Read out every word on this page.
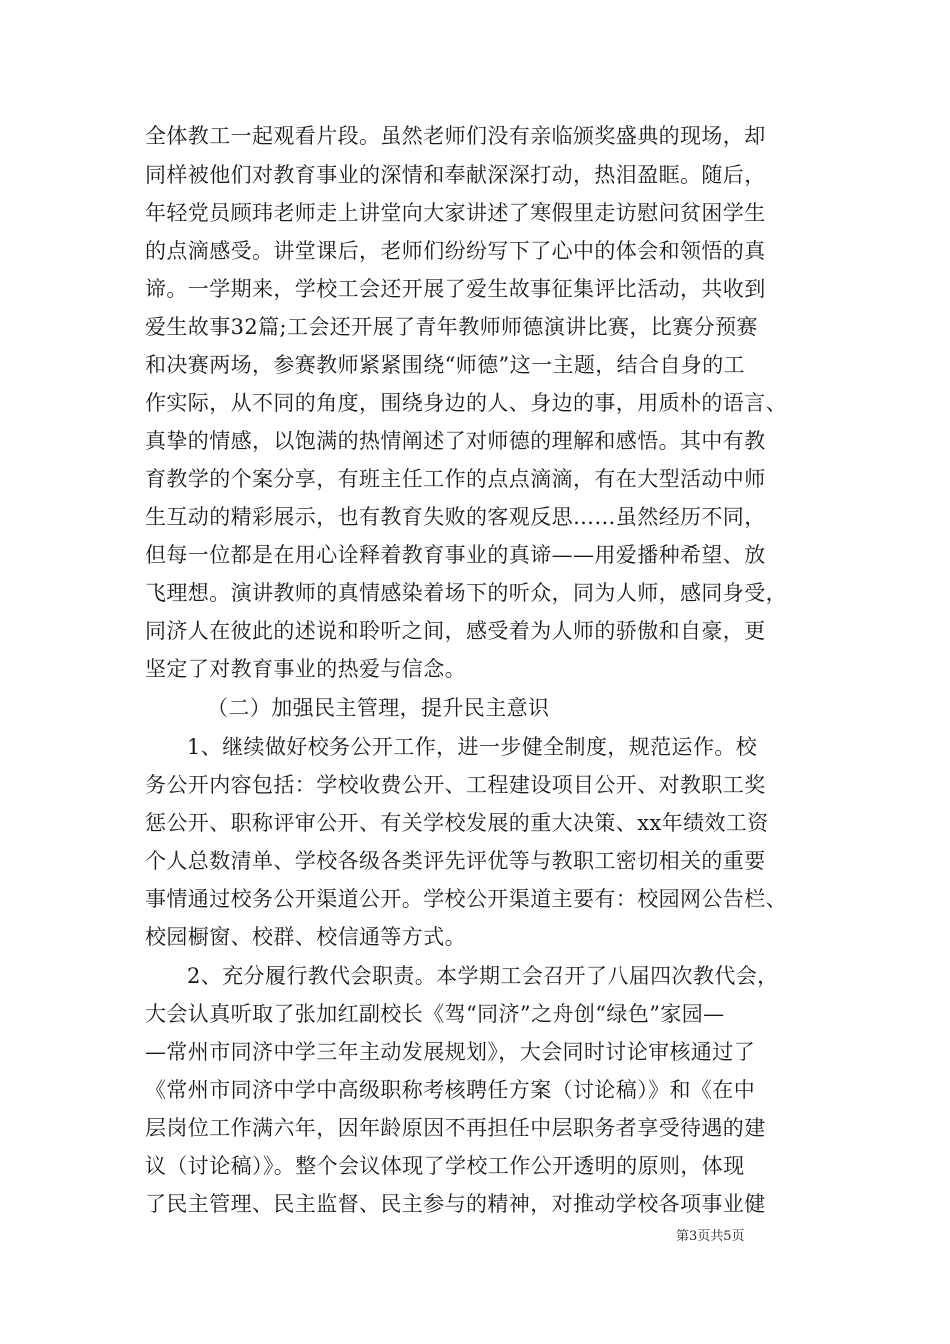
全体教工一起观看片段。虽然老师们没有亲临颁奖盛典的现场，却
同样被他们对教育事业的深情和奉献深深打动，热泪盈眶。随后，
年轻党员顾玮老师走上讲堂向大家讲述了寒假里走访慰问贫困学生
的点滴感受。讲堂课后，老师们纷纷写下了心中的体会和领悟的真
谛。一学期来，学校工会还开展了爱生故事征集评比活动，共收到
爱生故事32篇;工会还开展了青年教师师德演讲比赛，比赛分预赛
和决赛两场，参赛教师紧紧围绕“师德”这一主题，结合自身的工
作实际，从不同的角度，围绕身边的人、身边的事，用质朴的语言、
真挚的情感，以饱满的热情阐述了对师德的理解和感悟。其中有教
育教学的个案分享，有班主任工作的点点滴滴，有在大型活动中师
生互动的精彩展示，也有教育失败的客观反思……虽然经历不同，
但每一位都是在用心诠释着教育事业的真谛——用爱播种希望、放
飞理想。演讲教师的真情感染着场下的听众，同为人师，感同身受，
同济人在彼此的述说和聆听之间，感受着为人师的骄傲和自豪，更
坚定了对教育事业的热爱与信念。
（二）加强民主管理，提升民主意识
1、继续做好校务公开工作，进一步健全制度，规范运作。校
务公开内容包括：学校收费公开、工程建设项目公开、对教职工奖
惩公开、职称评审公开、有关学校发展的重大决策、xx年绩效工资
个人总数清单、学校各级各类评先评优等与教职工密切相关的重要
事情通过校务公开渠道公开。学校公开渠道主要有：校园网公告栏、
校园橱窗、校群、校信通等方式。
2、充分履行教代会职责。本学期工会召开了八届四次教代会，
大会认真听取了张加红副校长《驾“同济”之舟创“绿色”家园—
—常州市同济中学三年主动发展规划》，大会同时讨论审核通过了
《常州市同济中学中高级职称考核聘任方案（讨论稿）》和《在中
层岗位工作满六年，因年龄原因不再担任中层职务者享受待遇的建
议（讨论稿）》。整个会议体现了学校工作公开透明的原则，体现
了民主管理、民主监督、民主参与的精神，对推动学校各项事业健
第3页共5页
